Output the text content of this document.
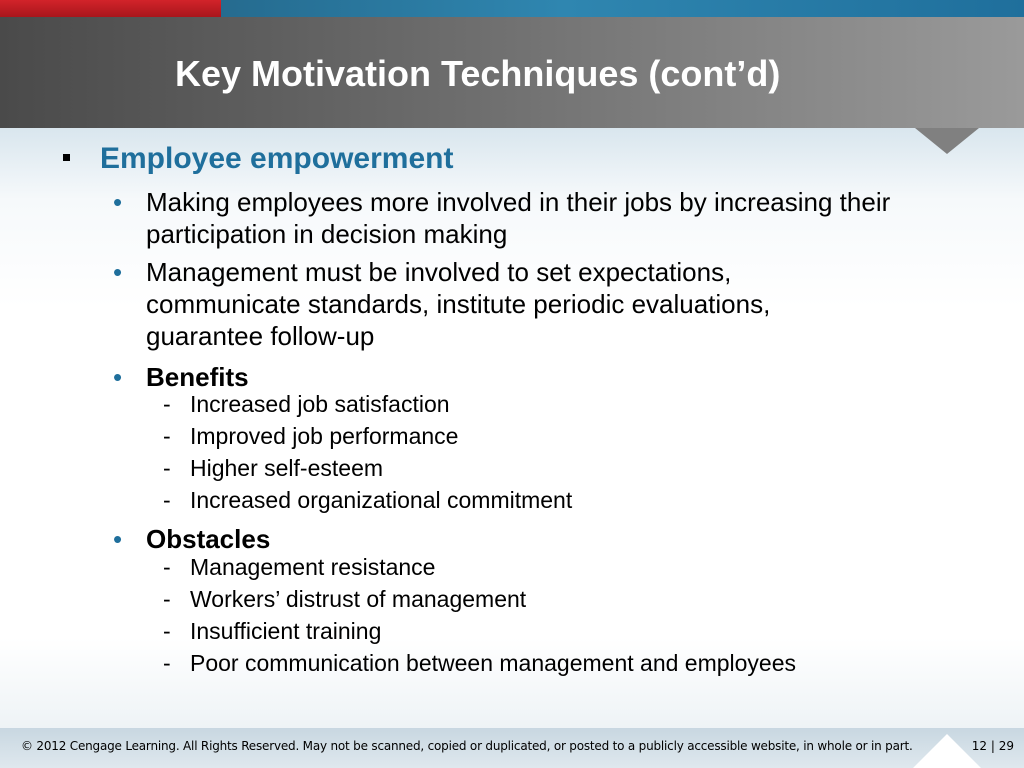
Key Motivation Techniques (cont’d)
Employee empowerment
• Making employees more involved in their jobs by increasing their participation in decision making
• Management must be involved to set expectations, communicate standards, institute periodic evaluations, guarantee follow-up
• Benefits
- Increased job satisfaction
- Improved job performance
- Higher self-esteem
- Increased organizational commitment
• Obstacles
- Management resistance
- Workers’ distrust of management
- Insufficient training
- Poor communication between management and employees
© 2012 Cengage Learning. All Rights Reserved. May not be scanned, copied or duplicated, or posted to a publicly accessible website, in whole or in part.	12 | 29
